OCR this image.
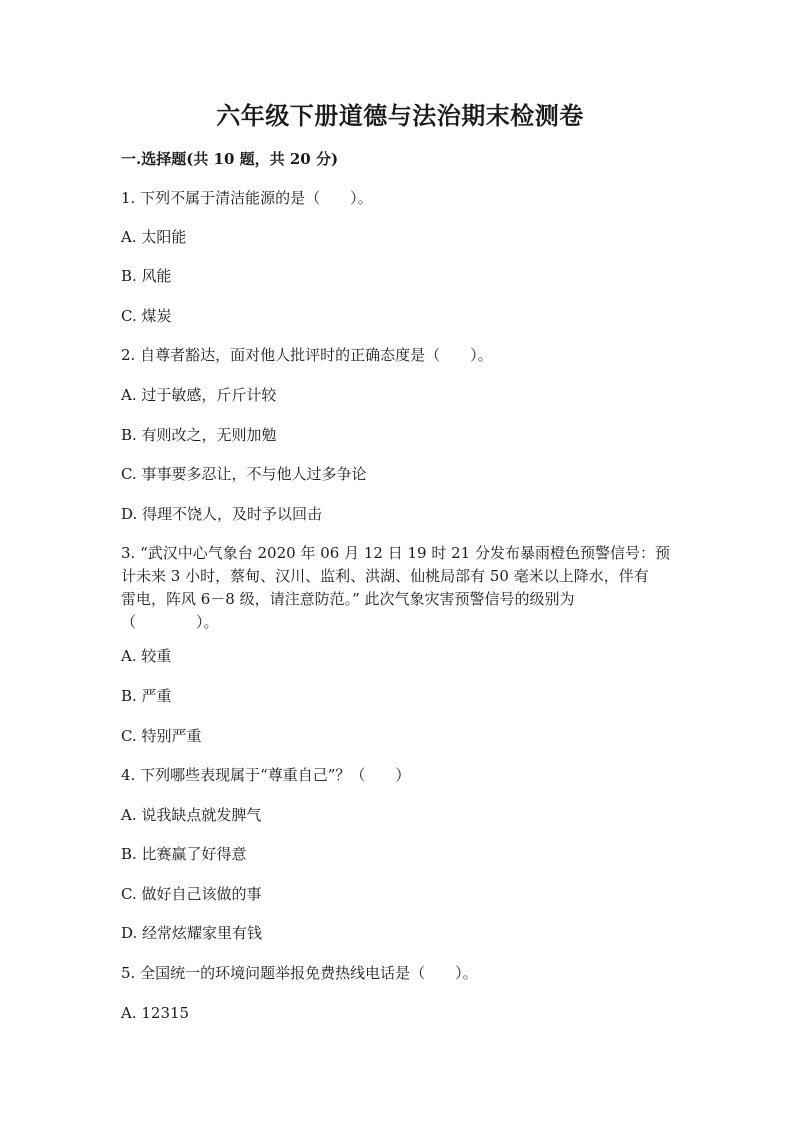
六年级下册道德与法治期末检测卷

一.选择题(共 10 题，共 20 分)

1. 下列不属于清洁能源的是（　　）。

A. 太阳能

B. 风能

C. 煤炭

2. 自尊者豁达，面对他人批评时的正确态度是（　　）。

A. 过于敏感，斤斤计较

B. 有则改之，无则加勉

C. 事事要多忍让，不与他人过多争论

D. 得理不饶人，及时予以回击

3. “武汉中心气象台 2020 年 06 月 12 日 19 时 21 分发布暴雨橙色预警信号：预
计未来 3 小时，蔡甸、汉川、监利、洪湖、仙桃局部有 50 毫米以上降水，伴有
雷电，阵风 6－8 级，请注意防范。” 此次气象灾害预警信号的级别为
（　　　　）。

A. 较重

B. 严重

C. 特别严重

4. 下列哪些表现属于“尊重自己”？（　　）

A. 说我缺点就发脾气

B. 比赛赢了好得意

C. 做好自己该做的事

D. 经常炫耀家里有钱

5. 全国统一的环境问题举报免费热线电话是（　　）。

A. 12315
